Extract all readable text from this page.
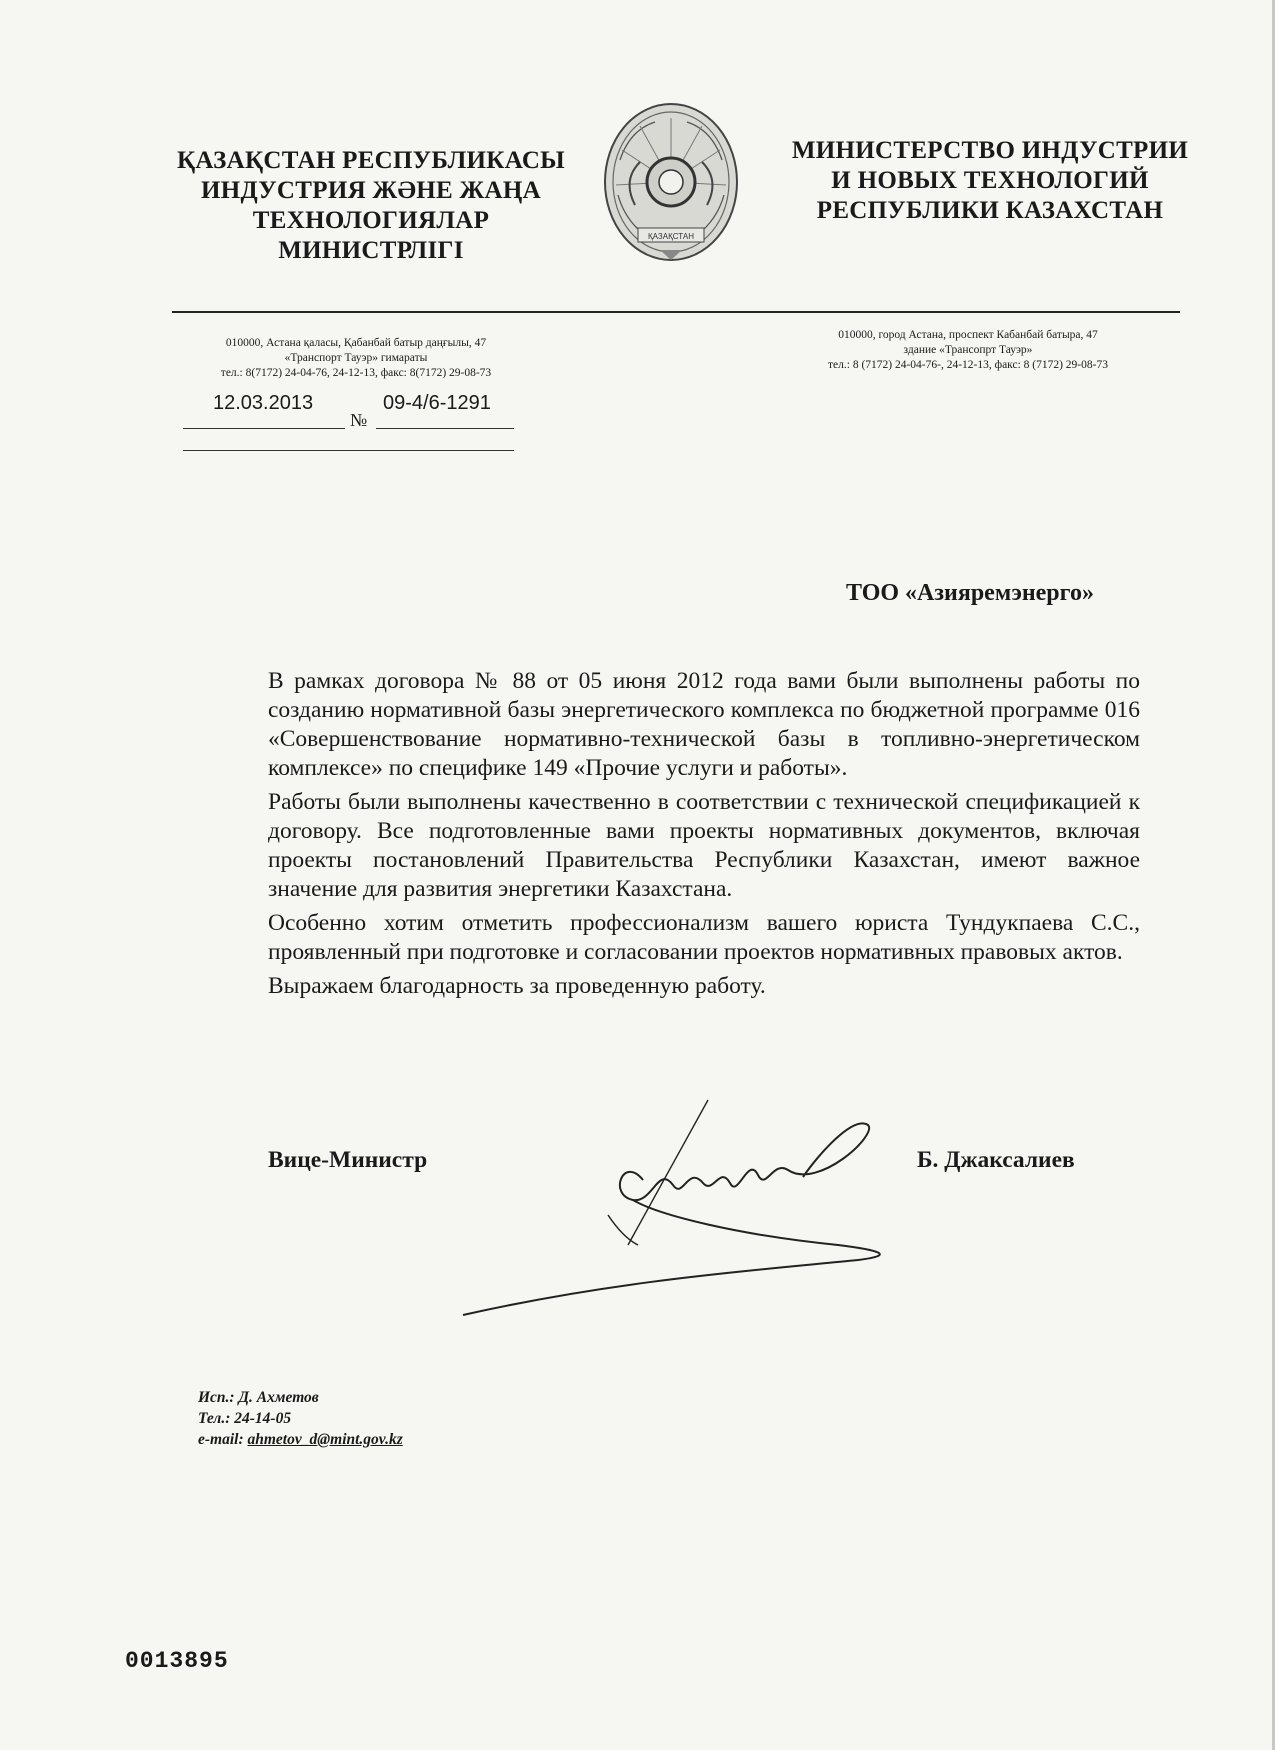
ҚАЗАҚСТАН РЕСПУБЛИКАСЫ
ИНДУСТРИЯ ЖӘНЕ ЖАҢА
ТЕХНОЛОГИЯЛАР МИНИСТРЛІГІ
ҚАЗАҚСТАН
МИНИСТЕРСТВО ИНДУСТРИИ
И НОВЫХ ТЕХНОЛОГИЙ
РЕСПУБЛИКИ КАЗАХСТАН
010000, Астана қаласы, Қабанбай батыр даңғылы, 47
«Транспорт Тауэр» гимараты
тел.: 8(7172) 24-04-76, 24-12-13, факс: 8(7172) 29-08-73
010000, город Астана, проспект Кабанбай батыра, 47
здание «Трансопрт Тауэр»
тел.: 8 (7172) 24-04-76-, 24-12-13, факс: 8 (7172) 29-08-73
12.03.2013
№
09-4/6-1291
ТОО «Азияремэнерго»

В рамках договора № 88 от 05 июня 2012 года вами были выполнены работы по созданию нормативной базы энергетического комплекса по бюджетной программе 016 «Совершенствование нормативно-технической базы в топливно-энергетическом комплексе» по специфике 149 «Прочие услуги и работы».

Работы были выполнены качественно в соответствии с технической спецификацией к договору. Все подготовленные вами проекты нормативных документов, включая проекты постановлений Правительства Республики Казахстан, имеют важное значение для развития энергетики Казахстана.

Особенно хотим отметить профессионализм вашего юриста Тундукпаева С.С., проявленный при подготовке и согласовании проектов нормативных правовых актов.

Выражаем благодарность за проведенную работу.

Вице-Министр	Б. Джаксалиев
Исп.: Д. Ахметов
Тел.: 24-14-05
e-mail: ahmetov_d@mint.gov.kz
0013895
